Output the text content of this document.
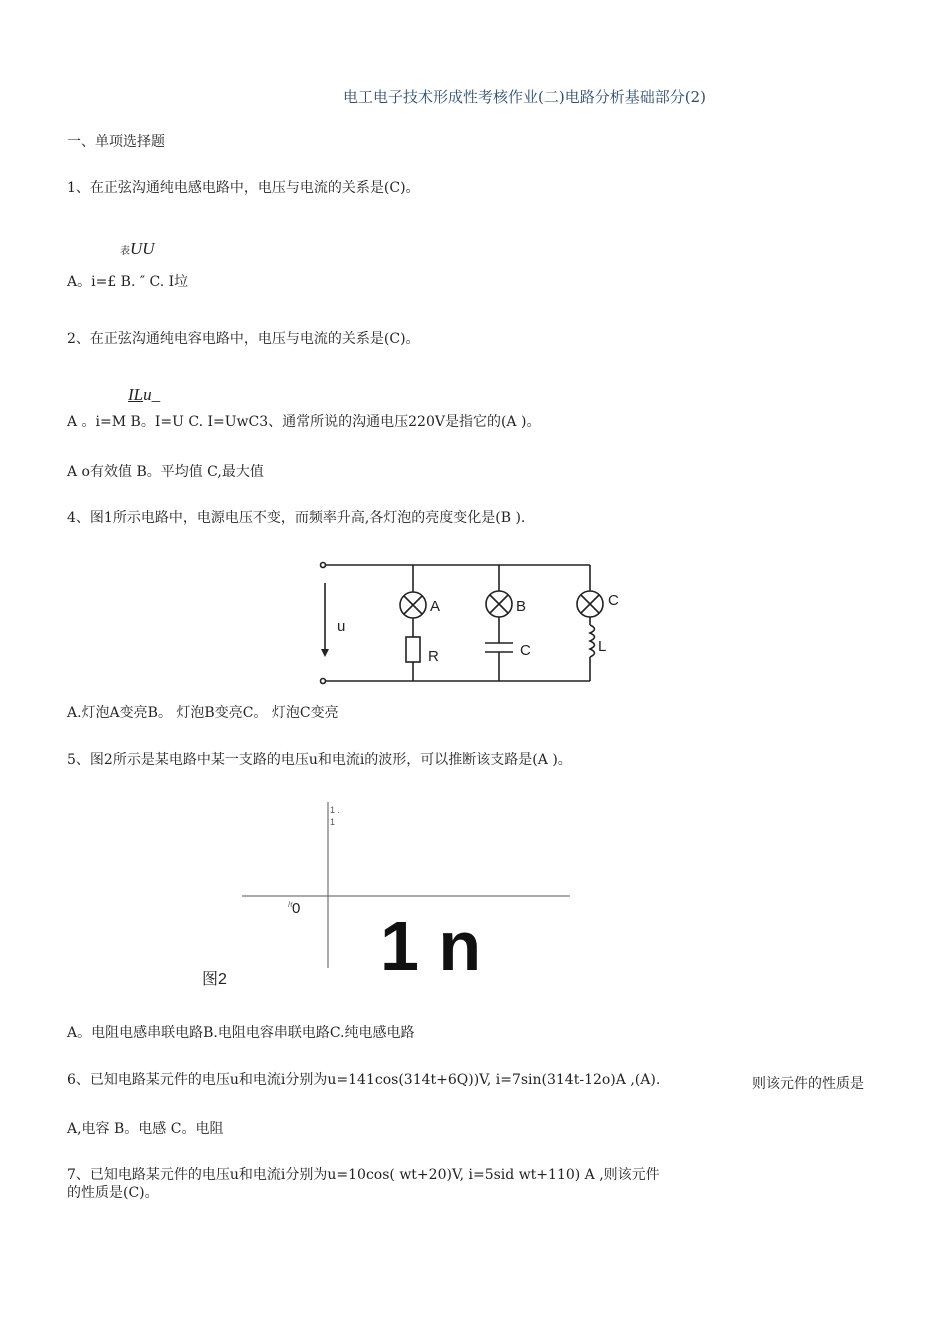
电工电子技术形成性考核作业(二)电路分析基础部分(2)
一、单项选择题
1、在正弦沟通纯电感电路中，电压与电流的关系是(C)。
表UU
A。i=£ B. ″ C. I垃
2、在正弦沟通纯电容电路中，电压与电流的关系是(C)。
ILu_
A 。i=M B。I=U C. I=UwC3、通常所说的沟通电压220V是指它的(A )。
A o有效值 B。平均值 C,最大值
4、图1所示电路中，电源电压不变，而频率升高,各灯泡的亮度变化是(B ).
u
A	B	C
R	C	L
A.灯泡A变亮B。 灯泡B变亮C。 灯泡C变亮
5、图2所示是某电路中某一支路的电压u和电流i的波形，可以推断该支路是(A )。
1 .
1
/r 0 1 n
图2
A。电阻电感串联电路B.电阻电容串联电路C.纯电感电路
6、已知电路某元件的电压u和电流i分别为u=141cos(314t+6Q))V, i=7sin(314t-12o)A ,(A).	则该元件的性质是
A,电容 B。电感 C。电阻
7、已知电路某元件的电压u和电流i分别为u=10cos( wt+20)V, i=5sid wt+110) A ,则该元件
的性质是(C)。
